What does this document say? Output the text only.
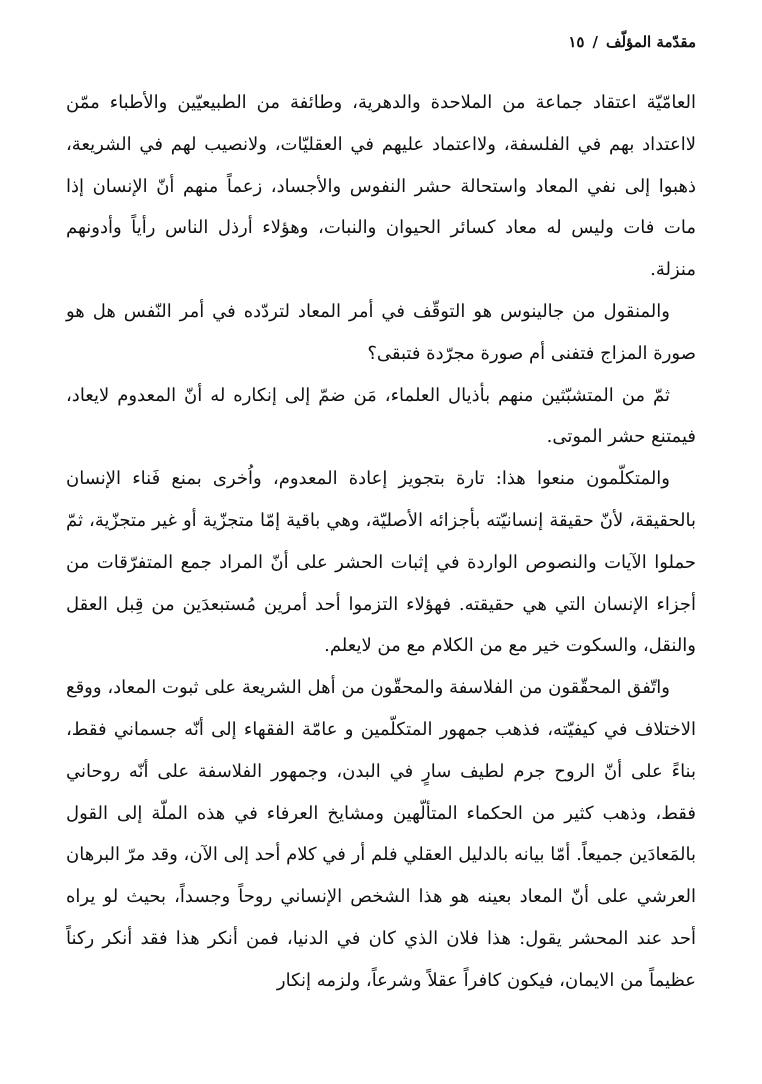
مقدّمة المؤلّف/١٥

العامّيّة اعتقاد جماعة من الملاحدة والدهرية، وطائفة من الطبيعيّين والأطباء ممّن لااعتداد بهم في الفلسفة، ولااعتماد عليهم في العقليّات، ولانصيب لهم في الشريعة، ذهبوا إلى نفي المعاد واستحالة حشر النفوس والأجساد، زعماً منهم أنّ الإنسان إذا مات فات وليس له معاد كسائر الحيوان والنبات، وهؤلاء أرذل الناس رأياً وأدونهم منزلة.

والمنقول من جالينوس هو التوقّف في أمر المعاد لتردّده في أمر النّفس هل هو صورة المزاج فتفنى أم صورة مجرّدة فتبقى؟

ثمّ من المتشبّثين منهم بأذيال العلماء، مَن ضمّ إلى إنكاره له أنّ المعدوم لايعاد، فيمتنع حشر الموتى.

والمتكلّمون منعوا هذا: تارة بتجويز إعادة المعدوم، واُخرى بمنع فَناء الإنسان بالحقيقة، لأنّ حقيقة إنسانيّته بأجزائه الأصليّة، وهي باقية إمّا متجزّية أو غير متجزّية، ثمّ حملوا الآيات والنصوص الواردة في إثبات الحشر على أنّ المراد جمع المتفرّقات من أجزاء الإنسان التي هي حقيقته. فهؤلاء التزموا أحد أمرين مُستبعدَين من قِبل العقل والنقل، والسكوت خير مع من الكلام مع من لايعلم.

واتّفق المحقّقون من الفلاسفة والمحقّون من أهل الشريعة على ثبوت المعاد، ووقع الاختلاف في كيفيّته، فذهب جمهور المتكلّمين و عامّة الفقهاء إلى أنّه جسماني فقط، بناءً على أنّ الروح جرم لطيف سارٍ في البدن، وجمهور الفلاسفة على أنّه روحاني فقط، وذهب كثير من الحكماء المتألّهين ومشايخ العرفاء في هذه الملّة إلى القول بالمَعادَين جميعاً. أمّا بيانه بالدليل العقلي فلم أر في كلام أحد إلى الآن، وقد مرّ البرهان العرشي على أنّ المعاد بعينه هو هذا الشخص الإنساني روحاً وجسداً، بحيث لو يراه أحد عند المحشر يقول: هذا فلان الذي كان في الدنيا، فمن أنكر هذا فقد أنكر ركناً عظيماً من الايمان، فيكون كافراً عقلاً وشرعاً، ولزمه إنكار
